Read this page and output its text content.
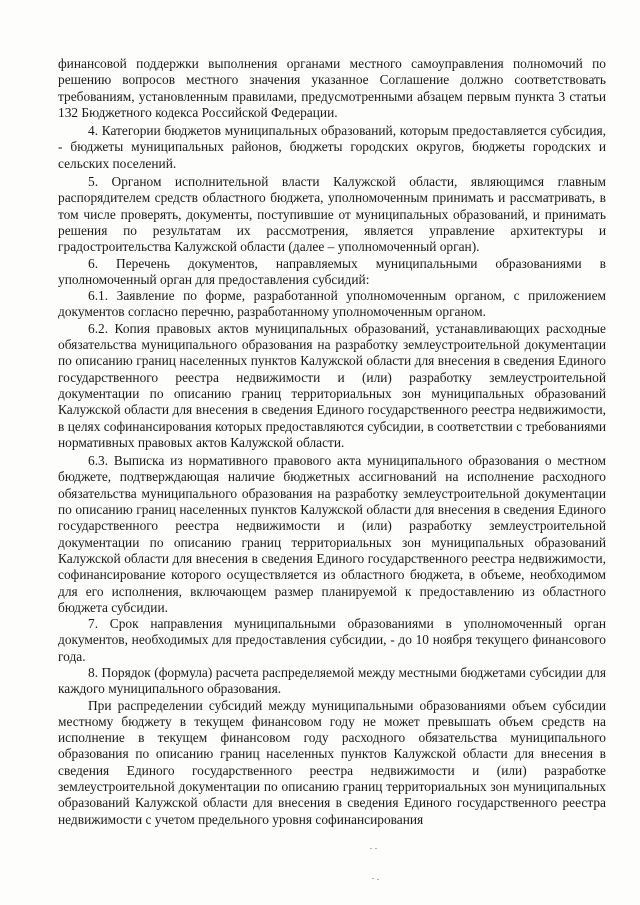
финансовой поддержки выполнения органами местного самоуправления полномочий по решению вопросов местного значения указанное Соглашение должно соответствовать требованиям, установленным правилами, предусмотренными абзацем первым пункта 3 статьи 132 Бюджетного кодекса Российской Федерации.

4. Категории бюджетов муниципальных образований, которым предоставляется субсидия, - бюджеты муниципальных районов, бюджеты городских округов, бюджеты городских и сельских поселений.

5. Органом исполнительной власти Калужской области, являющимся главным распорядителем средств областного бюджета, уполномоченным принимать и рассматривать, в том числе проверять, документы, поступившие от муниципальных образований, и принимать решения по результатам их рассмотрения, является управление архитектуры и градостроительства Калужской области (далее – уполномоченный орган).

6. Перечень документов, направляемых муниципальными образованиями в уполномоченный орган для предоставления субсидий:

6.1. Заявление по форме, разработанной уполномоченным органом, с приложением документов согласно перечню, разработанному уполномоченным органом.

6.2. Копия правовых актов муниципальных образований, устанавливающих расходные обязательства муниципального образования на разработку землеустроительной документации по описанию границ населенных пунктов Калужской области для внесения в сведения Единого государственного реестра недвижимости и (или) разработку землеустроительной документации по описанию границ территориальных зон муниципальных образований Калужской области для внесения в сведения Единого государственного реестра недвижимости, в целях софинансирования которых предоставляются субсидии, в соответствии с требованиями нормативных правовых актов Калужской области.

6.3. Выписка из нормативного правового акта муниципального образования о местном бюджете, подтверждающая наличие бюджетных ассигнований на исполнение расходного обязательства муниципального образования на разработку землеустроительной документации по описанию границ населенных пунктов Калужской области для внесения в сведения Единого государственного реестра недвижимости и (или) разработку землеустроительной документации по описанию границ территориальных зон муниципальных образований Калужской области для внесения в сведения Единого государственного реестра недвижимости, софинансирование которого осуществляется из областного бюджета, в объеме, необходимом для его исполнения, включающем размер планируемой к предоставлению из областного бюджета субсидии.

7. Срок направления муниципальными образованиями в уполномоченный орган документов, необходимых для предоставления субсидии, - до 10 ноября текущего финансового года.

8. Порядок (формула) расчета распределяемой между местными бюджетами субсидии для каждого муниципального образования.

При распределении субсидий между муниципальными образованиями объем субсидии местному бюджету в текущем финансовом году не может превышать объем средств на исполнение в текущем финансовом году расходного обязательства муниципального образования по описанию границ населенных пунктов Калужской области для внесения в сведения Единого государственного реестра недвижимости и (или) разработке землеустроительной документации по описанию границ территориальных зон муниципальных образований Калужской области для внесения в сведения Единого государственного реестра недвижимости с учетом предельного уровня софинансирования
